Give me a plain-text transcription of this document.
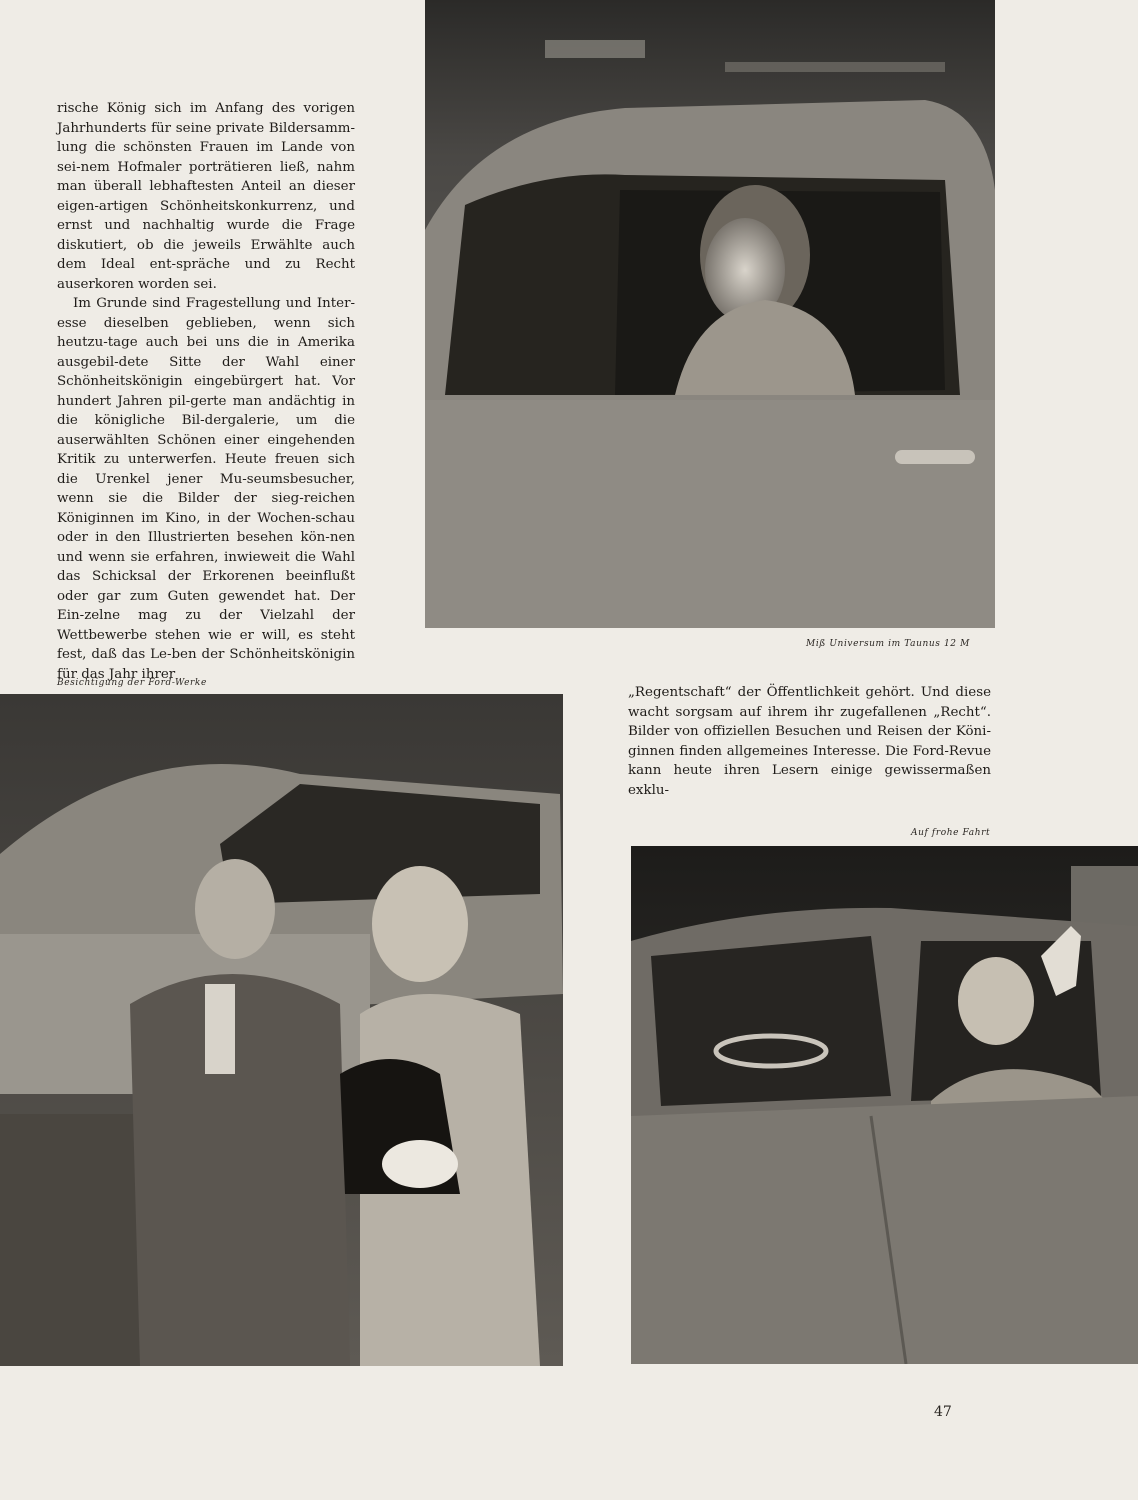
rische König sich im Anfang des vorigen Jahrhunderts für seine private Bildersamm-lung die schönsten Frauen im Lande von sei-nem Hofmaler porträtieren ließ, nahm man überall lebhaftesten Anteil an dieser eigen-artigen Schönheitskonkurrenz, und ernst und nachhaltig wurde die Frage diskutiert, ob die jeweils Erwählte auch dem Ideal ent-spräche und zu Recht auserkoren worden sei.

Im Grunde sind Fragestellung und Inter-esse dieselben geblieben, wenn sich heutzu-tage auch bei uns die in Amerika ausgebil-dete Sitte der Wahl einer Schönheitskönigin eingebürgert hat. Vor hundert Jahren pil-gerte man andächtig in die königliche Bil-dergalerie, um die auserwählten Schönen einer eingehenden Kritik zu unterwerfen. Heute freuen sich die Urenkel jener Mu-seumsbesucher, wenn sie die Bilder der sieg-reichen Königinnen im Kino, in der Wochen-schau oder in den Illustrierten besehen kön-nen und wenn sie erfahren, inwieweit die Wahl das Schicksal der Erkorenen beeinflußt oder gar zum Guten gewendet hat. Der Ein-zelne mag zu der Vielzahl der Wettbewerbe stehen wie er will, es steht fest, daß das Le-ben der Schönheitskönigin für das Jahr ihrer

Miß Universum im Taunus 12 M
Besichtigung der Ford-Werke

„Regentschaft“ der Öffentlichkeit gehört. Und diese wacht sorgsam auf ihrem ihr zugefallenen „Recht“. Bilder von offiziellen Besuchen und Reisen der Köni-ginnen finden allgemeines Interesse. Die Ford-Revue kann heute ihren Lesern einige gewissermaßen exklu-

Auf frohe Fahrt
47
